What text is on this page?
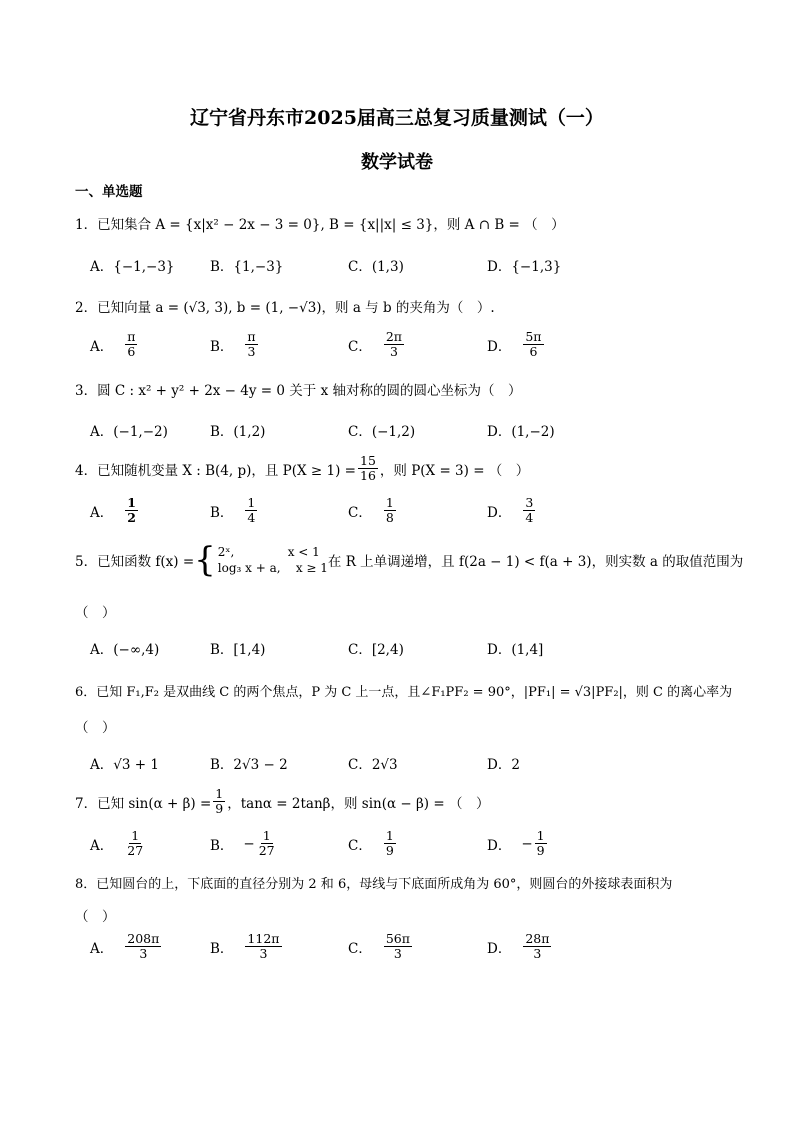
辽宁省丹东市2025届高三总复习质量测试（一）
数学试卷
一、单选题
1．已知集合 A = {x|x² − 2x − 3 = 0}, B = {x||x| ≤ 3}，则 A ∩ B = （　）
A．{−1,−3}	B．{1,−3}	C．(1,3)	D．{−1,3}
2．已知向量 a = (√3, 3), b = (1, −√3)，则 a 与 b 的夹角为（　）.
A． $\frac{\pi}{6}$	B． $\frac{\pi}{3}$	C． $\frac{2\pi}{3}$	D． $\frac{5\pi}{6}$
3．圆 C : x² + y² + 2x − 4y = 0 关于 x 轴对称的圆的圆心坐标为（　）
A．(−1,−2)	B．(1,2)	C．(−1,2)	D．(1,−2)
4．已知随机变量 X : B(4, p)，且 $P(X \ge 1) = \frac{15}{16}$ ，则 P(X = 3) = （　）
A． $\frac{1}{2}$	B． $\frac{1}{4}$	C． $\frac{1}{8}$	D． $\frac{3}{4}$
5．已知函数 f(x) = { 2ˣ,              x < 1
log₃ x + a,    x ≥ 1 在 R 上单调递增，且 f(2a − 1) < f(a + 3)，则实数 a 的取值范围为
（　）
A．(−∞,4)	B．[1,4)	C．[2,4)	D．(1,4]
6．已知 F₁,F₂ 是双曲线 C 的两个焦点，P 为 C 上一点，且∠F₁PF₂ = 90°，|PF₁| = √3|PF₂|，则 C 的离心率为
（　）
A．√3 + 1	B．2√3 − 2	C．2√3	D．2
7．已知 $\sin(\alpha + \beta) = \frac{1}{9}$ ，tanα = 2tanβ，则 sin(α − β) = （　）
A． $\frac{1}{27}$	B． − $\frac{1}{27}$	C． $\frac{1}{9}$	D． − $\frac{1}{9}$
8．已知圆台的上，下底面的直径分别为 2 和 6，母线与下底面所成角为 60°，则圆台的外接球表面积为
（　）
A． $\frac{208\pi}{3}$	B． $\frac{112\pi}{3}$	C． $\frac{56\pi}{3}$	D． $\frac{28\pi}{3}$
